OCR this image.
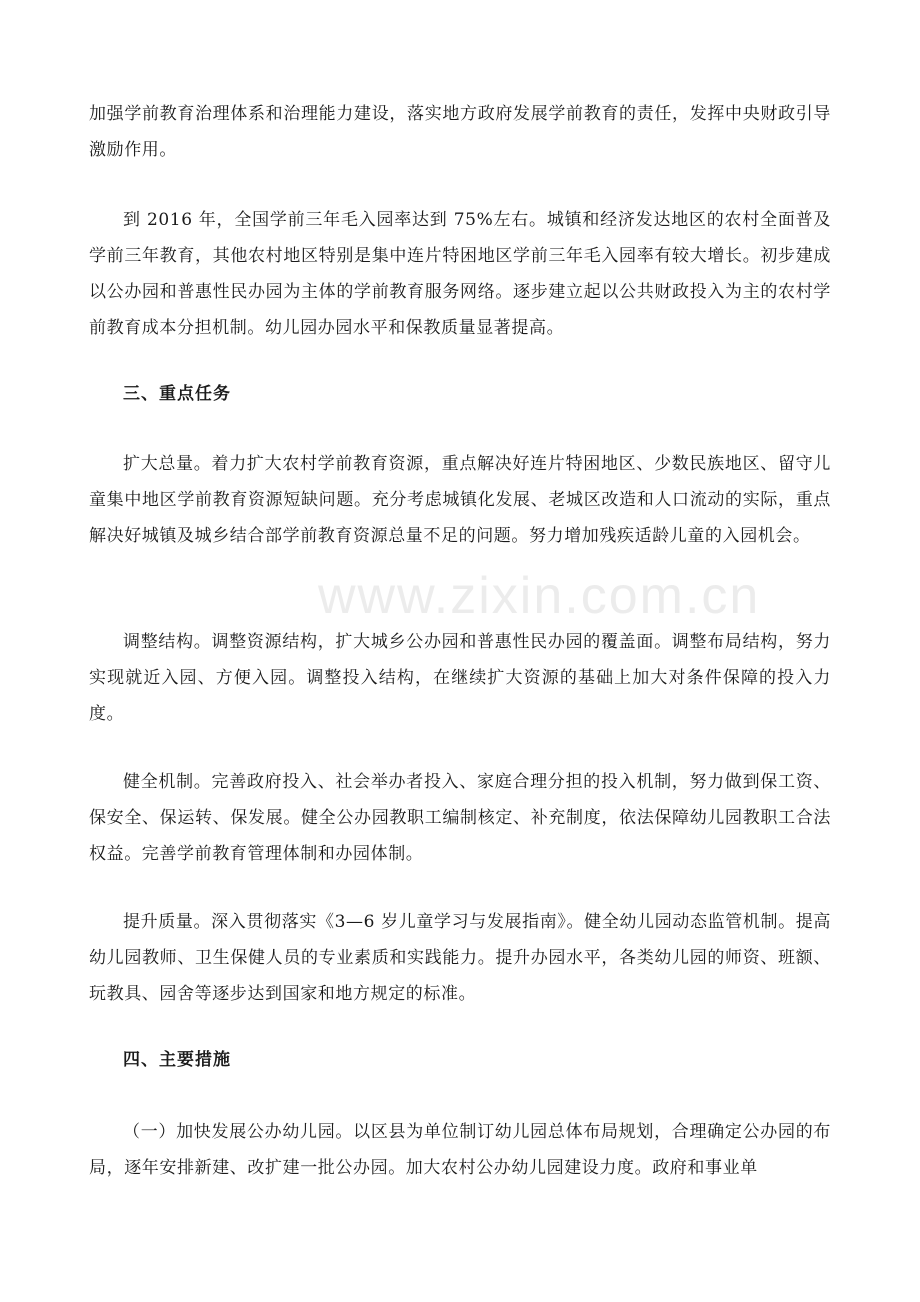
加强学前教育治理体系和治理能力建设，落实地方政府发展学前教育的责任，发挥中央财政引导激励作用。

到 2016 年，全国学前三年毛入园率达到 75%左右。城镇和经济发达地区的农村全面普及学前三年教育，其他农村地区特别是集中连片特困地区学前三年毛入园率有较大增长。初步建成以公办园和普惠性民办园为主体的学前教育服务网络。逐步建立起以公共财政投入为主的农村学前教育成本分担机制。幼儿园办园水平和保教质量显著提高。

三、重点任务

扩大总量。着力扩大农村学前教育资源，重点解决好连片特困地区、少数民族地区、留守儿童集中地区学前教育资源短缺问题。充分考虑城镇化发展、老城区改造和人口流动的实际，重点解决好城镇及城乡结合部学前教育资源总量不足的问题。努力增加残疾适龄儿童的入园机会。

调整结构。调整资源结构，扩大城乡公办园和普惠性民办园的覆盖面。调整布局结构，努力实现就近入园、方便入园。调整投入结构，在继续扩大资源的基础上加大对条件保障的投入力度。

健全机制。完善政府投入、社会举办者投入、家庭合理分担的投入机制，努力做到保工资、保安全、保运转、保发展。健全公办园教职工编制核定、补充制度，依法保障幼儿园教职工合法权益。完善学前教育管理体制和办园体制。

提升质量。深入贯彻落实《3—6 岁儿童学习与发展指南》。健全幼儿园动态监管机制。提高幼儿园教师、卫生保健人员的专业素质和实践能力。提升办园水平，各类幼儿园的师资、班额、玩教具、园舍等逐步达到国家和地方规定的标准。

四、主要措施

（一）加快发展公办幼儿园。以区县为单位制订幼儿园总体布局规划，合理确定公办园的布局，逐年安排新建、改扩建一批公办园。加大农村公办幼儿园建设力度。政府和事业单

www.zixin.com.cn
